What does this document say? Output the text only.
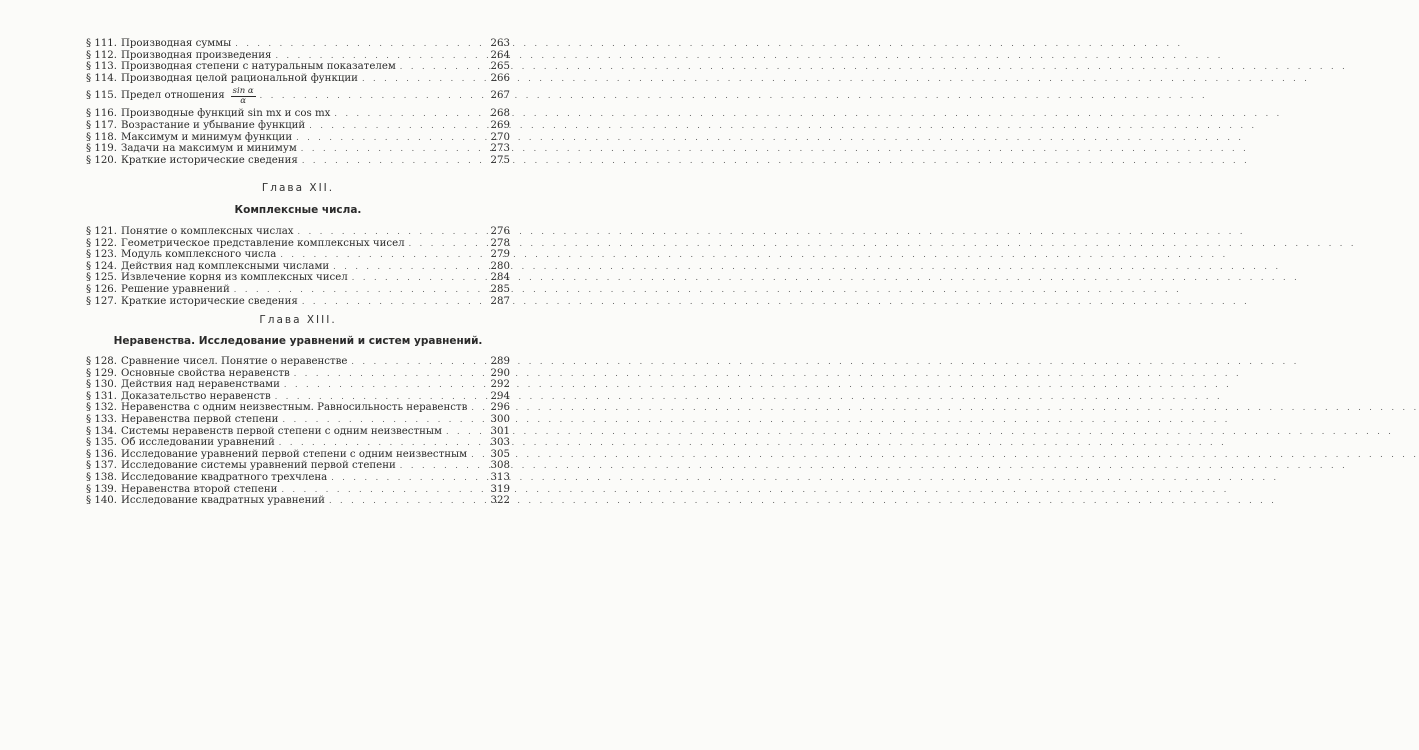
§ 111. Производная суммы . . .	263
§ 112. Производная произведения . . .	264
§ 113. Производная степени с натуральным показателем . . .	265
§ 114. Производная целой рациональной функции . . .	266
§ 115. Предел отношения $\frac{\text{sin α}}{\alpha}$ . . .	267
§ 116. Производные функций sin mx и cos mx . . .	268
§ 117. Возрастание и убывание функций . . .	269
§ 118. Максимум и минимум функции . . .	270
§ 119. Задачи на максимум и минимум . . .	273
§ 120. Краткие исторические сведения . . .	275
Глава XII.
Комплексные числа.
§ 121. Понятие о комплексных числах . . .	276
§ 122. Геометрическое представление комплексных чисел . . .	278
§ 123. Модуль комплексного числа . . .	279
§ 124. Действия над комплексными числами . . .	280
§ 125. Извлечение корня из комплексных чисел . . .	284
§ 126. Решение уравнений . . .	285
§ 127. Краткие исторические сведения . . .	287
Глава XIII.
Неравенства. Исследование уравнений и систем уравнений.
§ 128. Сравнение чисел. Понятие о неравенстве . . .	289
§ 129. Основные свойства неравенств . . .	290
§ 130. Действия над неравенствами . . .	292
§ 131. Доказательство неравенств . . .	294
§ 132. Неравенства с одним неизвестным. Равносильность неравенств . . .	296
§ 133. Неравенства первой степени . . .	300
§ 134. Системы неравенств первой степени с одним неизвестным . . .	301
§ 135. Об исследовании уравнений . . .	303
§ 136. Исследование уравнений первой степени с одним неизвестным . . .	305
§ 137. Исследование системы уравнений первой степени . . .	308
§ 138. Исследование квадратного трехчлена . . .	313
§ 139. Неравенства второй степени . . .	319
§ 140. Исследование квадратных уравнений . . .	322
